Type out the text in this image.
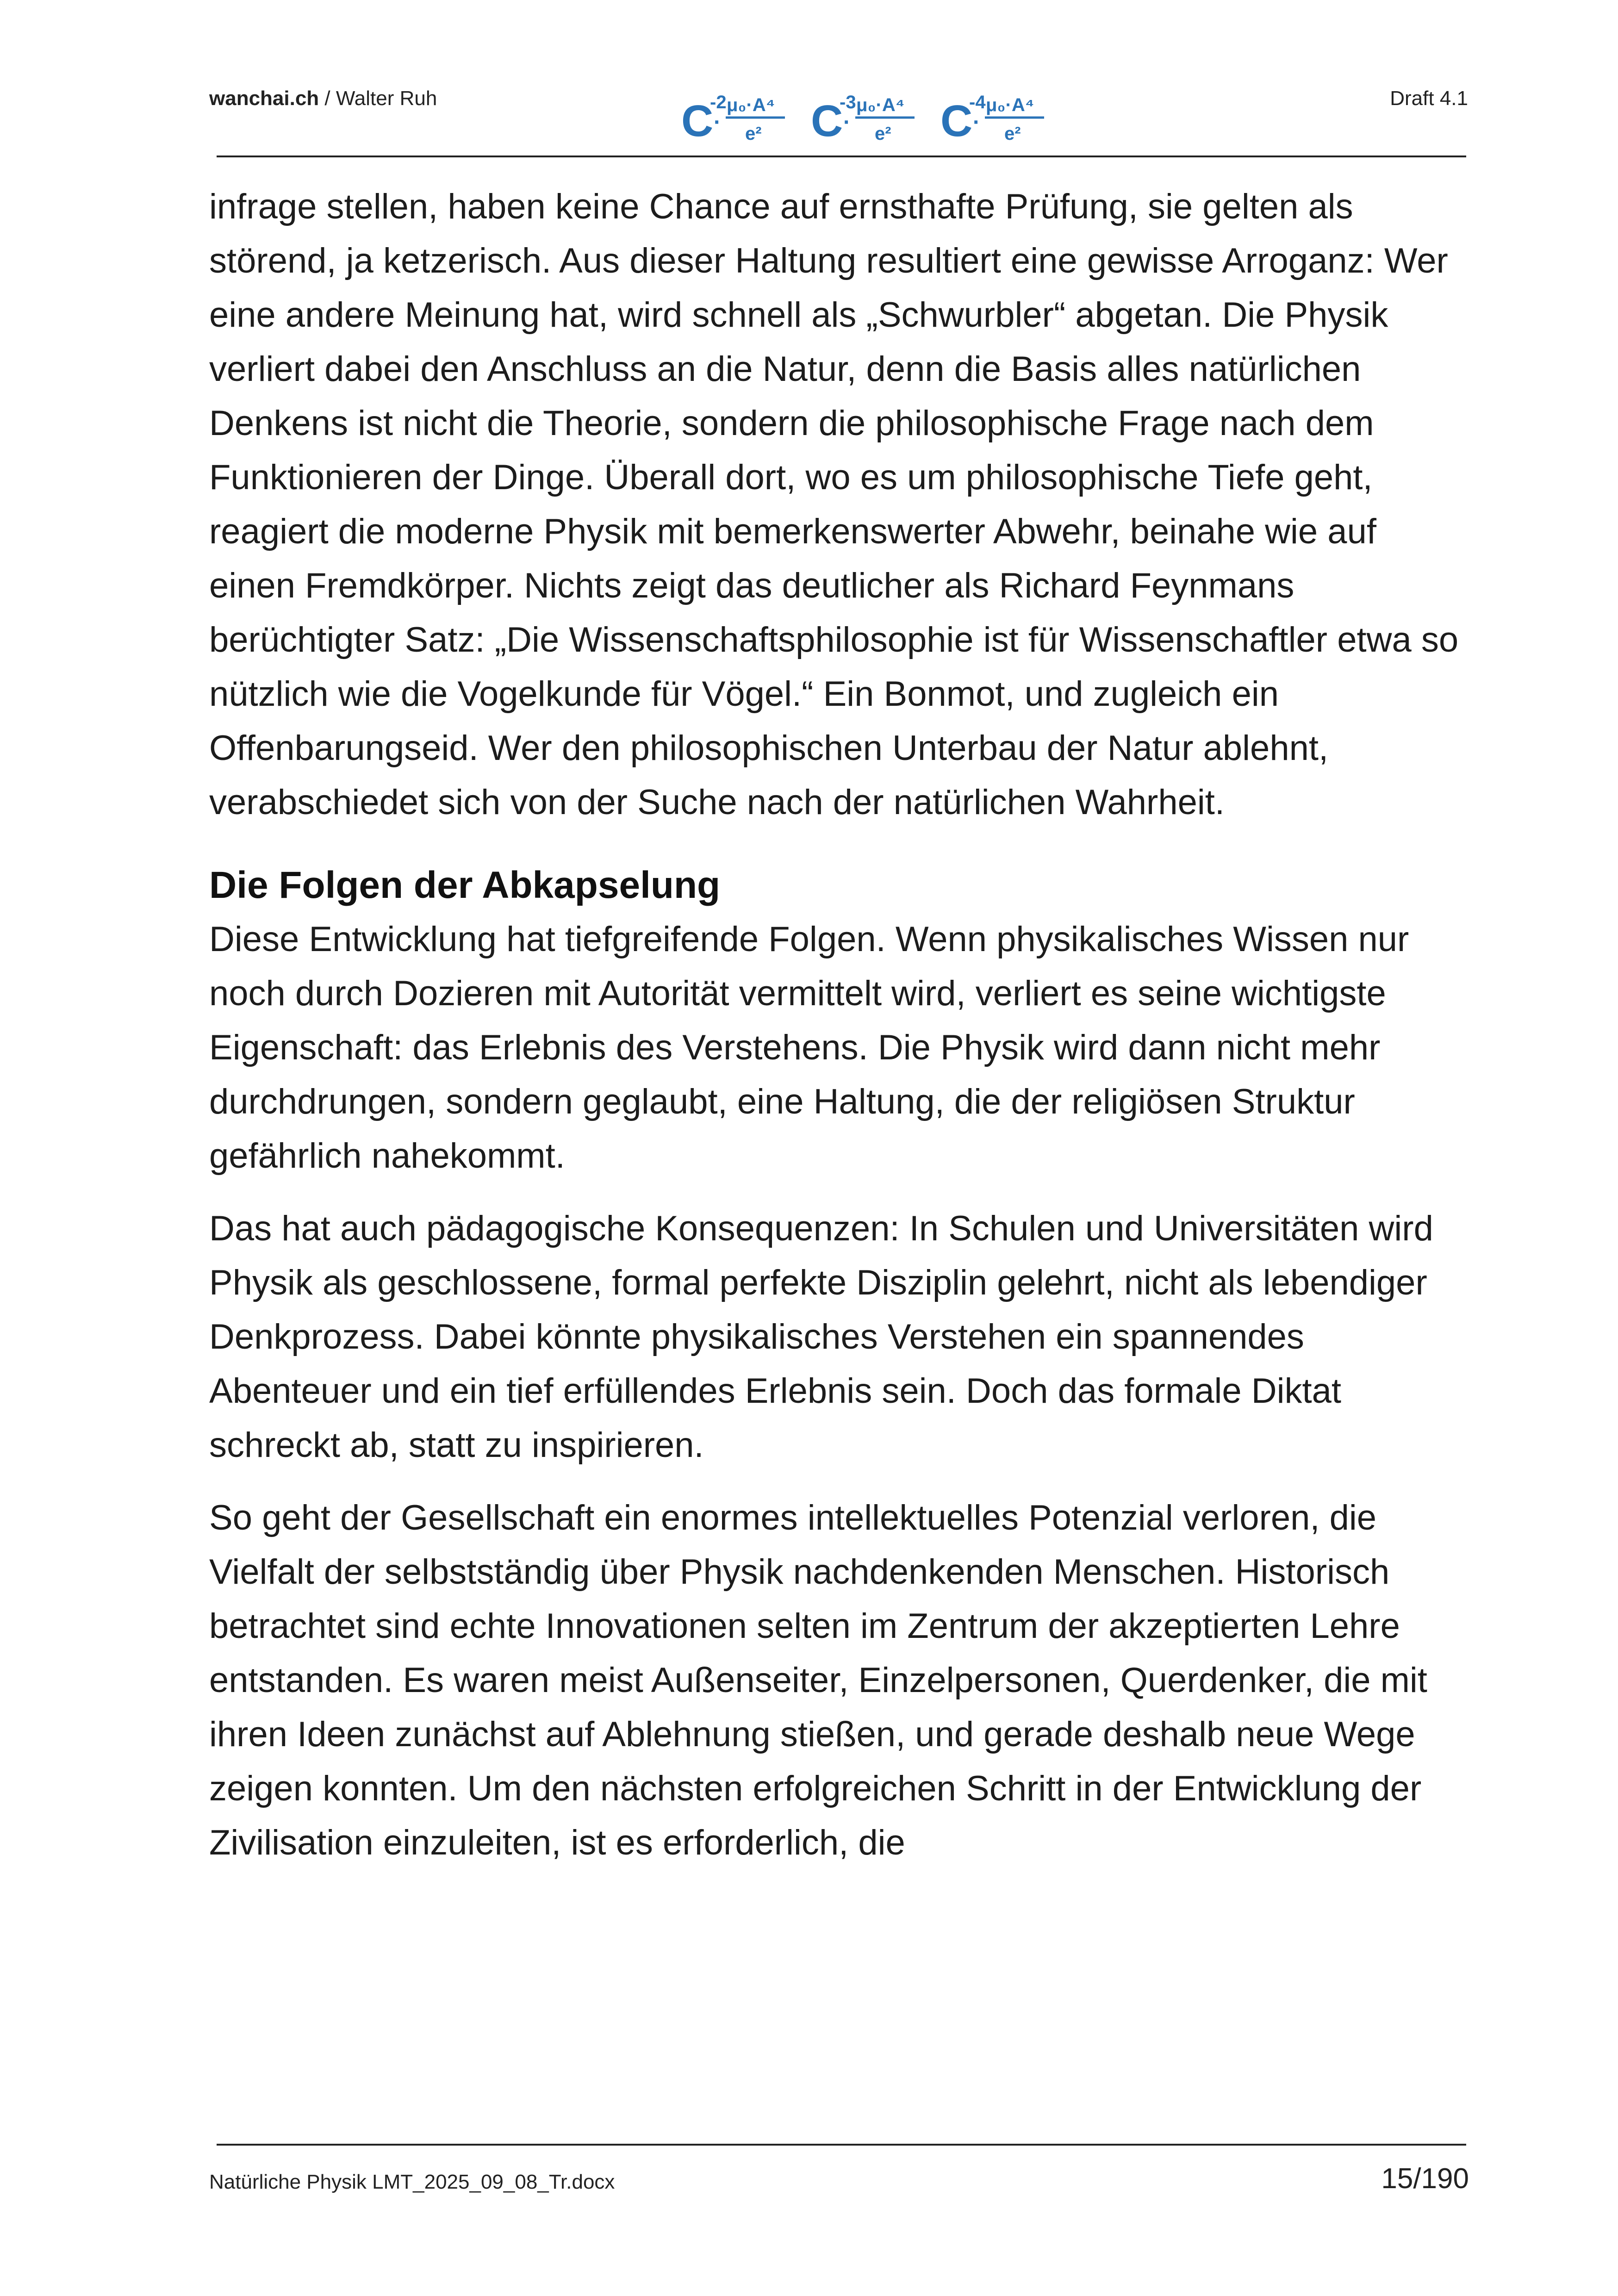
wanchai.ch / Walter Ruh	C
-2
·
μ₀·A⁴
e² C
-3
·
μ₀·A⁴
e² C
-4
·
μ₀·A⁴
e²
Draft 4.1

infrage stellen, haben keine Chance auf ernsthafte Prüfung, sie gelten als störend, ja ketzerisch. Aus dieser Haltung resultiert eine gewisse Arroganz: Wer eine andere Meinung hat, wird schnell als „Schwurbler“ abgetan. Die Physik verliert dabei den Anschluss an die Natur, denn die Basis alles natürlichen Denkens ist nicht die Theorie, sondern die philosophische Frage nach dem Funktionieren der Dinge. Überall dort, wo es um philosophische Tiefe geht, reagiert die moderne Physik mit bemerkenswerter Abwehr, beinahe wie auf einen Fremdkörper. Nichts zeigt das deutlicher als Richard Feynmans berüchtigter Satz: „Die Wissenschaftsphilosophie ist für Wissenschaftler etwa so nützlich wie die Vogelkunde für Vögel.“ Ein Bonmot, und zugleich ein Offenbarungseid. Wer den philosophischen Unterbau der Natur ablehnt, verabschiedet sich von der Suche nach der natürlichen Wahrheit.

Die Folgen der Abkapselung

Diese Entwicklung hat tiefgreifende Folgen. Wenn physikalisches Wissen nur noch durch Dozieren mit Autorität vermittelt wird, verliert es seine wichtigste Eigenschaft: das Erlebnis des Verstehens. Die Physik wird dann nicht mehr durchdrungen, sondern geglaubt, eine Haltung, die der religiösen Struktur gefährlich nahekommt.

Das hat auch pädagogische Konsequenzen: In Schulen und Universitäten wird Physik als geschlossene, formal perfekte Disziplin gelehrt, nicht als lebendiger Denkprozess. Dabei könnte physikalisches Verstehen ein spannendes Abenteuer und ein tief erfüllendes Erlebnis sein. Doch das formale Diktat schreckt ab, statt zu inspirieren.

So geht der Gesellschaft ein enormes intellektuelles Potenzial verloren, die Vielfalt der selbstständig über Physik nachdenkenden Menschen. Historisch betrachtet sind echte Innovationen selten im Zentrum der akzeptierten Lehre entstanden. Es waren meist Außenseiter, Einzelpersonen, Querdenker, die mit ihren Ideen zunächst auf Ablehnung stießen, und gerade deshalb neue Wege zeigen konnten. Um den nächsten erfolgreichen Schritt in der Entwicklung der Zivilisation einzuleiten, ist es erforderlich, die

Natürliche Physik LMT_2025_09_08_Tr.docx	15/190
